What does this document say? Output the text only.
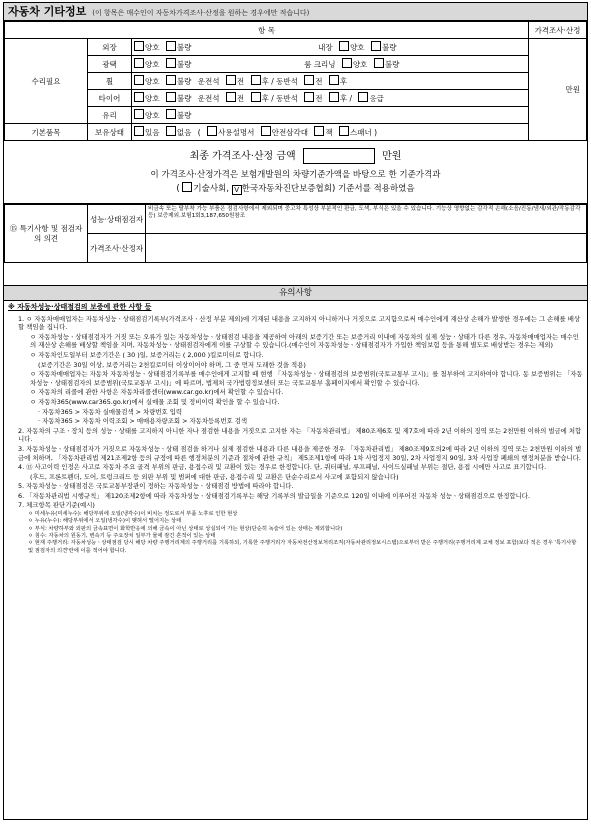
자동차 기타정보 (이 항목은 매수인이 자동차가격조사·산정을 원하는 경우에만 적습니다)
항 목			가격조사·산정
수리필요	외장	양호 불량 내장 양호 불량	만원
	광택	양호 불량 룸 크리닝 양호 불량	
	휠	양호 불량 운전석 전 후 / 동반석 전 후	
	타이어	양호 불량 운전석 전 후 / 동반석 전 후 / 응급	
	유리	양호 불량	
기본품목	보유상태	있음 없음 ( 사용설명서 안전삼각대 잭 스패너 )	
최종 가격조사·산정 금액	만원
이 가격조사·산정가격은 보험개발원의 차량기준가액을 바탕으로 한 기준가격과
( 기술사회, V 한국자동차진단보증협회) 기준서를 적용하였음
⑮ 특기사항 및 점검자의 의견	성능·상태점검자	비금속 또는 탈부착 가능 부품은 점검사항에서 제외되며 중고차 특성상 부분적인 판금, 도색, 부식은 있을 수 있습니다. 기능상 영향없는 감각적 손해(소음/진동/냄새/외관/작동감각 등) 보증제외.보험1회3,187,650원참조
	가격조사·산정자	
유의사항
※ 자동차성능·상태점검의 보증에 관한 사항 등

1. ㅇ 자동차매매업자는 자동차성능ㆍ상태점검기록부(가격조사ㆍ산정 부분 제외)에 기재된 내용을 고지하지 아니하거나 거짓으로 고지함으로써 매수인에게 재산상 손해가 발생한 경우에는 그 손해를 배상할 책임을 집니다.

ㅇ 자동차성능ㆍ상태점검자가 거짓 또는 오류가 있는 자동차성능ㆍ상태점검 내용을 제공하여 아래의 보증기간 또는 보증거리 이내에 자동차의 실제 성능ㆍ상태가 다른 경우, 자동차매매업자는 매수인의 재산상 손해를 배상할 책임을 지며, 자동차성능ㆍ상태점검자에게 이를 구상할 수 있습니다.(매수인이 자동차성능ㆍ상태점검자가 가입한 책임보험 등을 통해 별도로 배상받는 경우는 제외)

ㅇ 자동차인도일부터 보증기간은 ( 30 )일, 보증거리는 ( 2,000 )킬로미터로 합니다.

(보증기간은 30일 이상, 보증거리는 2천킬로미터 이상이어야 하며, 그 중 먼저 도래한 것을 적용)

ㅇ 자동차매매업자는 자동차 자동차성능ㆍ상태점검기록부를 매수인에게 고지할 때 현행 「자동차성능ㆍ상태점검의 보증범위(국토교통부 고시)」를 첨부하여 고지하여야 합니다. 동 보증범위는 「자동차성능ㆍ상태점검자의 보증범위(국토교통부 고시)」에 따르며, 법제처 국가법령정보센터 또는 국토교통부 홈페이지에서 확인할 수 있습니다.

ㅇ 자동차의 리콜에 관한 사항은 자동차리콜센터(www.car.go.kr)에서 확인할 수 있습니다.

ㅇ 자동차365(www.car365.go.kr)에서 실매물 조회 및 정비이력 확인을 할 수 있습니다.

· 자동차365 > 자동차 실매물검색 > 차량번호 입력

· 자동차365 > 자동차 이력조회 > 매매용자량조회 > 자동차등록번호 검색

2. 자동차의 구조ㆍ장치 등의 성능ㆍ상태를 고지하지 아니한 자나 점검한 내용을 거짓으로 고지한 자는 「자동차관리법」 제80조제6호 및 제7호에 따라 2년 이하의 징역 또는 2천만원 이하의 벌금에 처합니다.

3. 자동차성능ㆍ상태점검자가 거짓으로 자동차성능ㆍ상태 점검을 하거나 실제 점검한 내용과 다른 내용을 제공한 경우 「자동차관리법」 제80조제9호의2에 따라 2년 이하의 징역 또는 2천만원 이하의 벌금에 처하며, 「자동차관리법 제21조제2항 등의 규정에 따른 행정처분의 기준과 절차에 관한 규칙」 제5조제1항에 따라 1차 사업정지 30일, 2차 사업정지 90일, 3차 사업장 폐쇄의 행정처분을 받습니다.

4. ⑬ 사고이력 인정은 사고로 자동차 주요 골격 부위의 판금, 용접수리 및 교환이 있는 경우로 한정합니다. 단, 쿼터패널, 루프패널, 사이드실패널 부위는 절단, 용접 시에만 사고로 표기합니다.

(후드, 프론트펜더, 도어, 트렁크리드 등 외판 부위 및 범퍼에 대한 판금, 용접수리 및 교환은 단순수리로서 사고에 포함되지 않습니다)

5. 자동차성능ㆍ상태점검은 국토교통부장관이 정하는 자동차성능ㆍ상태점검 방법에 따라야 합니다.

6. 「자동차관리법 시행규칙」 제120조제2항에 따라 자동차성능ㆍ상태점검기록부는 해당 기록부의 발급일을 기준으로 120일 이내에 이루어진 자동차 성능ㆍ상태점검으로 한정합니다.

7. 체크항목 판단기준(예시)

ㅇ 미세누유(미세누수): 해당부위에 오일(냉각수)이 비치는 정도로서 부품 노후로 인한 현상
ㅇ 누유(누수): 해당부위에서 오일(냉각수)이 맺혀서 떨어지는 상태
ㅇ 부식: 차량하부와 외판의 금속표면이 화학반응에 의해 금속이 아닌 상태로 상실되어 가는 현상(단순히 녹슬어 있는 상태는 제외합니다)
ㅇ 침수: 자동차의 원동기, 변속기 등 주요장치 일부가 물에 잠긴 흔적이 있는 상태
ㅇ 현재 주행거리: 자동차성능ㆍ상태점검 당시 해당 차량 주행거리계의 주행거리를 기록하되, 기록한 주행거리가 자동차전산정보처리조직(자동차관리정보시스템)으로부터 받은 주행거리(주행거리계 교체 정보 포함)보다 적은 경우 '특기사항 및 점검자의 의견'란에 이를 적어야 합니다.
